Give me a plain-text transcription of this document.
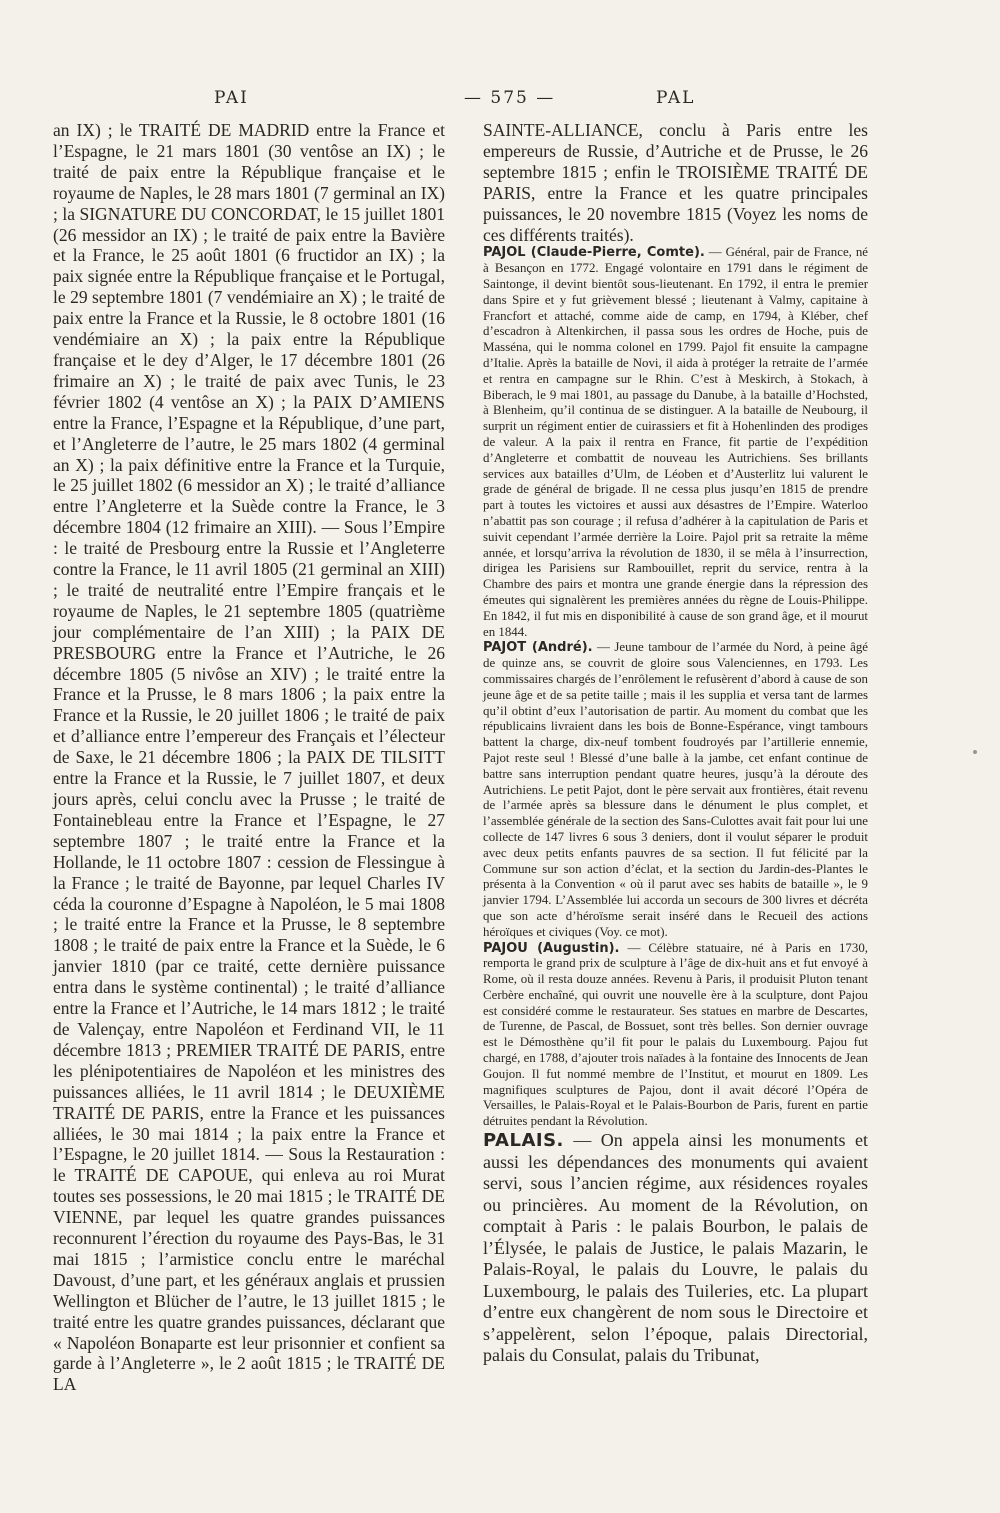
PAI	— 575 —	PAL

an IX) ; le TRAITÉ DE MADRID entre la France et l’Espagne, le 21 mars 1801 (30 ventôse an IX) ; le traité de paix entre la République française et le royaume de Naples, le 28 mars 1801 (7 germinal an IX) ; la SIGNATURE DU CONCORDAT, le 15 juillet 1801 (26 messidor an IX) ; le traité de paix entre la Bavière et la France, le 25 août 1801 (6 fructidor an IX) ; la paix signée entre la République française et le Portugal, le 29 septembre 1801 (7 vendémiaire an X) ; le traité de paix entre la France et la Russie, le 8 octobre 1801 (16 vendémiaire an X) ; la paix entre la République française et le dey d’Alger, le 17 décembre 1801 (26 frimaire an X) ; le traité de paix avec Tunis, le 23 février 1802 (4 ventôse an X) ; la PAIX D’AMIENS entre la France, l’Espagne et la République, d’une part, et l’Angleterre de l’autre, le 25 mars 1802 (4 germinal an X) ; la paix définitive entre la France et la Turquie, le 25 juillet 1802 (6 messidor an X) ; le traité d’alliance entre l’Angleterre et la Suède contre la France, le 3 décembre 1804 (12 frimaire an XIII). — Sous l’Empire : le traité de Presbourg entre la Russie et l’Angleterre contre la France, le 11 avril 1805 (21 germinal an XIII) ; le traité de neutralité entre l’Empire français et le royaume de Naples, le 21 septembre 1805 (quatrième jour complémentaire de l’an XIII) ; la PAIX DE PRESBOURG entre la France et l’Autriche, le 26 décembre 1805 (5 nivôse an XIV) ; le traité entre la France et la Prusse, le 8 mars 1806 ; la paix entre la France et la Russie, le 20 juillet 1806 ; le traité de paix et d’alliance entre l’empereur des Français et l’électeur de Saxe, le 21 décembre 1806 ; la PAIX DE TILSITT entre la France et la Russie, le 7 juillet 1807, et deux jours après, celui conclu avec la Prusse ; le traité de Fontainebleau entre la France et l’Espagne, le 27 septembre 1807 ; le traité entre la France et la Hollande, le 11 octobre 1807 : cession de Flessingue à la France ; le traité de Bayonne, par lequel Charles IV céda la couronne d’Espagne à Napoléon, le 5 mai 1808 ; le traité entre la France et la Prusse, le 8 septembre 1808 ; le traité de paix entre la France et la Suède, le 6 janvier 1810 (par ce traité, cette dernière puissance entra dans le système continental) ; le traité d’alliance entre la France et l’Autriche, le 14 mars 1812 ; le traité de Valençay, entre Napoléon et Ferdinand VII, le 11 décembre 1813 ; PREMIER TRAITÉ DE PARIS, entre les plénipotentiaires de Napoléon et les ministres des puissances alliées, le 11 avril 1814 ; le DEUXIÈME TRAITÉ DE PARIS, entre la France et les puissances alliées, le 30 mai 1814 ; la paix entre la France et l’Espagne, le 20 juillet 1814. — Sous la Restauration : le TRAITÉ DE CAPOUE, qui enleva au roi Murat toutes ses possessions, le 20 mai 1815 ; le TRAITÉ DE VIENNE, par lequel les quatre grandes puissances reconnurent l’érection du royaume des Pays-Bas, le 31 mai 1815 ; l’armistice conclu entre le maréchal Davoust, d’une part, et les généraux anglais et prussien Wellington et Blücher de l’autre, le 13 juillet 1815 ; le traité entre les quatre grandes puissances, déclarant que « Napoléon Bonaparte est leur prisonnier et confient sa garde à l’Angleterre », le 2 août 1815 ; le TRAITÉ DE LA

SAINTE-ALLIANCE, conclu à Paris entre les empereurs de Russie, d’Autriche et de Prusse, le 26 septembre 1815 ; enfin le TROISIÈME TRAITÉ DE PARIS, entre la France et les quatre principales puissances, le 20 novembre 1815 (Voyez les noms de ces différents traités).

PAJOL (Claude-Pierre, Comte). — Général, pair de France, né à Besançon en 1772. Engagé volontaire en 1791 dans le régiment de Saintonge, il devint bientôt sous-lieutenant. En 1792, il entra le premier dans Spire et y fut grièvement blessé ; lieutenant à Valmy, capitaine à Francfort et attaché, comme aide de camp, en 1794, à Kléber, chef d’escadron à Altenkirchen, il passa sous les ordres de Hoche, puis de Masséna, qui le nomma colonel en 1799. Pajol fit ensuite la campagne d’Italie. Après la bataille de Novi, il aida à protéger la retraite de l’armée et rentra en campagne sur le Rhin. C’est à Meskirch, à Stokach, à Biberach, le 9 mai 1801, au passage du Danube, à la bataille d’Hochsted, à Blenheim, qu’il continua de se distinguer. A la bataille de Neubourg, il surprit un régiment entier de cuirassiers et fit à Hohenlinden des prodiges de valeur. A la paix il rentra en France, fit partie de l’expédition d’Angleterre et combattit de nouveau les Autrichiens. Ses brillants services aux batailles d’Ulm, de Léoben et d’Austerlitz lui valurent le grade de général de brigade. Il ne cessa plus jusqu’en 1815 de prendre part à toutes les victoires et aussi aux désastres de l’Empire. Waterloo n’abattit pas son courage ; il refusa d’adhérer à la capitulation de Paris et suivit cependant l’armée derrière la Loire. Pajol prit sa retraite la même année, et lorsqu’arriva la révolution de 1830, il se mêla à l’insurrection, dirigea les Parisiens sur Rambouillet, reprit du service, rentra à la Chambre des pairs et montra une grande énergie dans la répression des émeutes qui signalèrent les premières années du règne de Louis-Philippe. En 1842, il fut mis en disponibilité à cause de son grand âge, et il mourut en 1844.

PAJOT (André). — Jeune tambour de l’armée du Nord, à peine âgé de quinze ans, se couvrit de gloire sous Valenciennes, en 1793. Les commissaires chargés de l’enrôlement le refusèrent d’abord à cause de son jeune âge et de sa petite taille ; mais il les supplia et versa tant de larmes qu’il obtint d’eux l’autorisation de partir. Au moment du combat que les républicains livraient dans les bois de Bonne-Espérance, vingt tambours battent la charge, dix-neuf tombent foudroyés par l’artillerie ennemie, Pajot reste seul ! Blessé d’une balle à la jambe, cet enfant continue de battre sans interruption pendant quatre heures, jusqu’à la déroute des Autrichiens. Le petit Pajot, dont le père servait aux frontières, était revenu de l’armée après sa blessure dans le dénument le plus complet, et l’assemblée générale de la section des Sans-Culottes avait fait pour lui une collecte de 147 livres 6 sous 3 deniers, dont il voulut séparer le produit avec deux petits enfants pauvres de sa section. Il fut félicité par la Commune sur son action d’éclat, et la section du Jardin-des-Plantes le présenta à la Convention « où il parut avec ses habits de bataille », le 9 janvier 1794. L’Assemblée lui accorda un secours de 300 livres et décréta que son acte d’héroïsme serait inséré dans le Recueil des actions héroïques et civiques (Voy. ce mot).

PAJOU (Augustin). — Célèbre statuaire, né à Paris en 1730, remporta le grand prix de sculpture à l’âge de dix-huit ans et fut envoyé à Rome, où il resta douze années. Revenu à Paris, il produisit Pluton tenant Cerbère enchaîné, qui ouvrit une nouvelle ère à la sculpture, dont Pajou est considéré comme le restaurateur. Ses statues en marbre de Descartes, de Turenne, de Pascal, de Bossuet, sont très belles. Son dernier ouvrage est le Démosthène qu’il fit pour le palais du Luxembourg. Pajou fut chargé, en 1788, d’ajouter trois naïades à la fontaine des Innocents de Jean Goujon. Il fut nommé membre de l’Institut, et mourut en 1809. Les magnifiques sculptures de Pajou, dont il avait décoré l’Opéra de Versailles, le Palais-Royal et le Palais-Bourbon de Paris, furent en partie détruites pendant la Révolution.

PALAIS. — On appela ainsi les monuments et aussi les dépendances des monuments qui avaient servi, sous l’ancien régime, aux résidences royales ou princières. Au moment de la Révolution, on comptait à Paris : le palais Bourbon, le palais de l’Élysée, le palais de Justice, le palais Mazarin, le Palais-Royal, le palais du Louvre, le palais du Luxembourg, le palais des Tuileries, etc. La plupart d’entre eux changèrent de nom sous le Directoire et s’appelèrent, selon l’époque, palais Directorial, palais du Consulat, palais du Tribunat,
